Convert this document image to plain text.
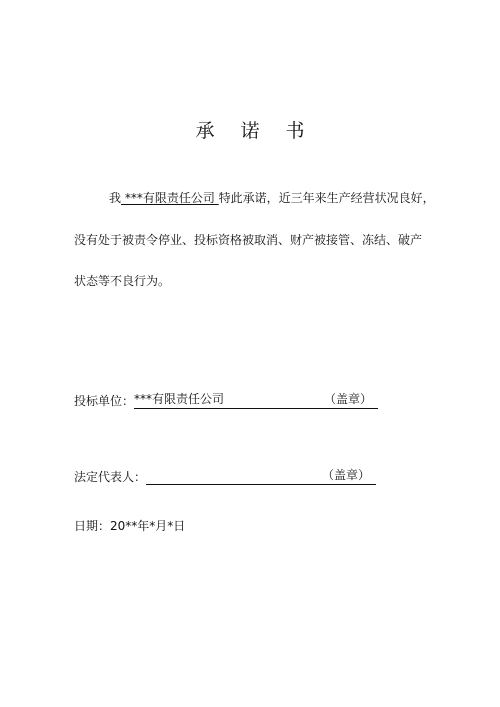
承 诺 书
我 ***有限责任公司 特此承诺，近三年来生产经营状况良好，
没有处于被责令停业、投标资格被取消、财产被接管、冻结、破产
状态等不良行为。
投标单位： ***有限责任公司	（盖章）
法定代表人：	（盖章）
日期：20**年*月*日
